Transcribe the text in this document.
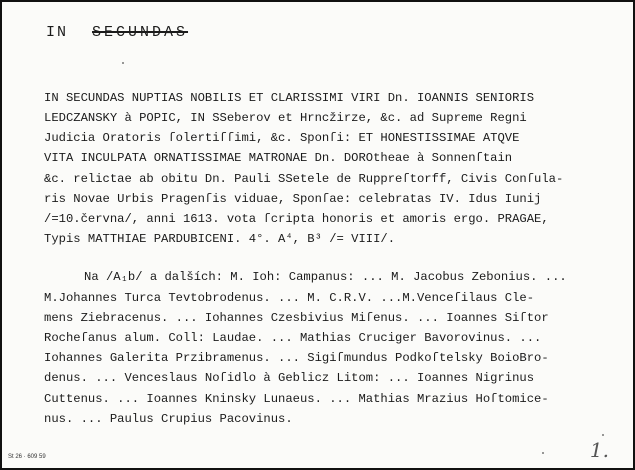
IN SECUNDAS
IN SECUNDAS NUPTIAS NOBILIS ET CLARISSIMI VIRI Dn. IOANNIS SENIORIS
LEDCZANSKY à POPIC, IN SSeberov et Hrncžirze, &c. ad Supreme Regni
Judicia Oratoris ſolertiſſimi, &c. Sponſi: ET HONESTISSIMAE ATQVE
VITA INCULPATA ORNATISSIMAE MATRONAE Dn. DOROtheae à Sonnenſtain
&c. relictae ab obitu Dn. Pauli SSetele de Ruppreſtorff, Civis Conſula-
ris Novae Urbis Pragenſis viduae, Sponſae: celebratas IV. Idus Iunij
/=10.června/, anni 1613. vota ſcripta honoris et amoris ergo. PRAGAE,
Typis MATTHIAE PARDUBICENI. 4°. A⁴, B³ /= VIII/.
Na /A₁b/ a dalších: M. Ioh: Campanus: ... M. Jacobus Zebonius. ...
M.Johannes Turca Tevtobrodenus. ... M. C.R.V. ...M.Venceſilaus Cle-
mens Ziebracenus. ... Iohannes Czesbivius Miſenus. ... Ioannes Siſtor
Rocheſanus alum. Coll: Laudae. ... Mathias Cruciger Bavorovinus. ...
Iohannes Galerita Przibramenus. ... Sigiſmundus Podkoſtelsky BoioBro-
denus. ... Venceslaus Noſidlo à Geblicz Litom: ... Ioannes Nigrinus
Cuttenus. ... Ioannes Kninsky Lunaeus. ... Mathias Mrazius Hoſtomice-
nus. ... Paulus Crupius Pacovinus.
St 26 · 609 59	1.
